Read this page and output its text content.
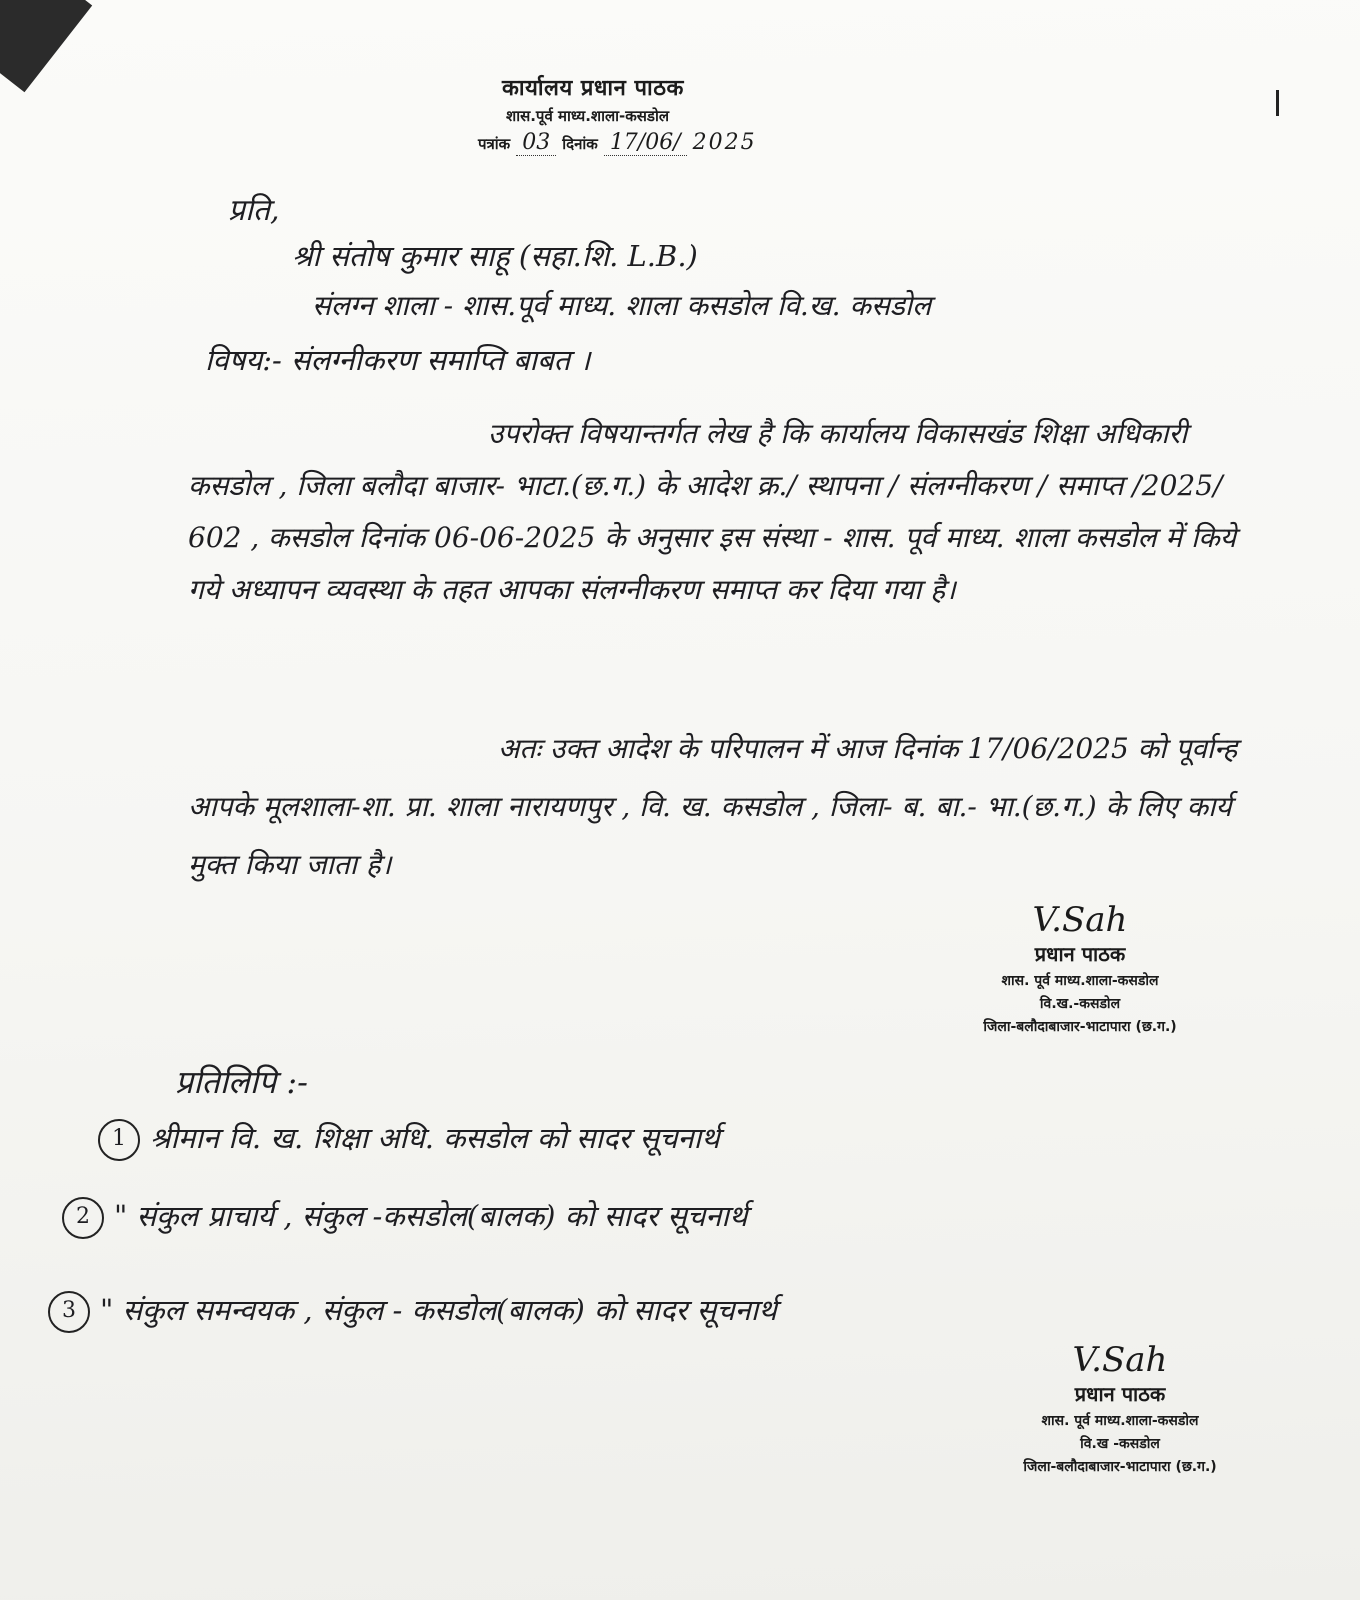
कार्यालय प्रधान पाठक
शास.पूर्व माध्य.शाला-कसडोल
पत्रांक 03 दिनांक 17/06/ 2025
प्रति,
श्री संतोष कुमार साहू (सहा.शि. L.B.)
संलग्न शाला - शास.पूर्व माध्य. शाला कसडोल वि.ख. कसडोल
विषय:- संलग्नीकरण समाप्ति बाबत ।
उपरोक्त विषयान्तर्गत लेख है कि कार्यालय विकासखंड शिक्षा अधिकारी कसडोल , जिला बलौदा बाजार- भाटा.(छ.ग.) के आदेश क्र./ स्थापना / संलग्नीकरण / समाप्त /2025/ 602 , कसडोल दिनांक 06-06-2025 के अनुसार इस संस्था - शास. पूर्व माध्य. शाला कसडोल में किये गये अध्यापन व्यवस्था के तहत आपका संलग्नीकरण समाप्त कर दिया गया है।
अतः उक्त आदेश के परिपालन में आज दिनांक 17/06/2025 को पूर्वान्ह आपके मूलशाला-शा. प्रा. शाला नारायणपुर , वि. ख. कसडोल , जिला- ब. बा.- भा.(छ.ग.) के लिए कार्य मुक्त किया जाता है।
V.Sah
प्रधान पाठक
शास. पूर्व माध्य.शाला-कसडोल
वि.ख.-कसडोल
जिला-बलौदाबाजार-भाटापारा (छ.ग.)
प्रतिलिपि :-
1 श्रीमान वि. ख. शिक्षा अधि. कसडोल को सादर सूचनार्थ
2 " संकुल प्राचार्य , संकुल -कसडोल(बालक) को सादर सूचनार्थ
3 " संकुल समन्वयक , संकुल - कसडोल(बालक) को सादर सूचनार्थ
V.Sah
प्रधान पाठक
शास. पूर्व माध्य.शाला-कसडोल
वि.ख -कसडोल
जिला-बलौदाबाजार-भाटापारा (छ.ग.)
